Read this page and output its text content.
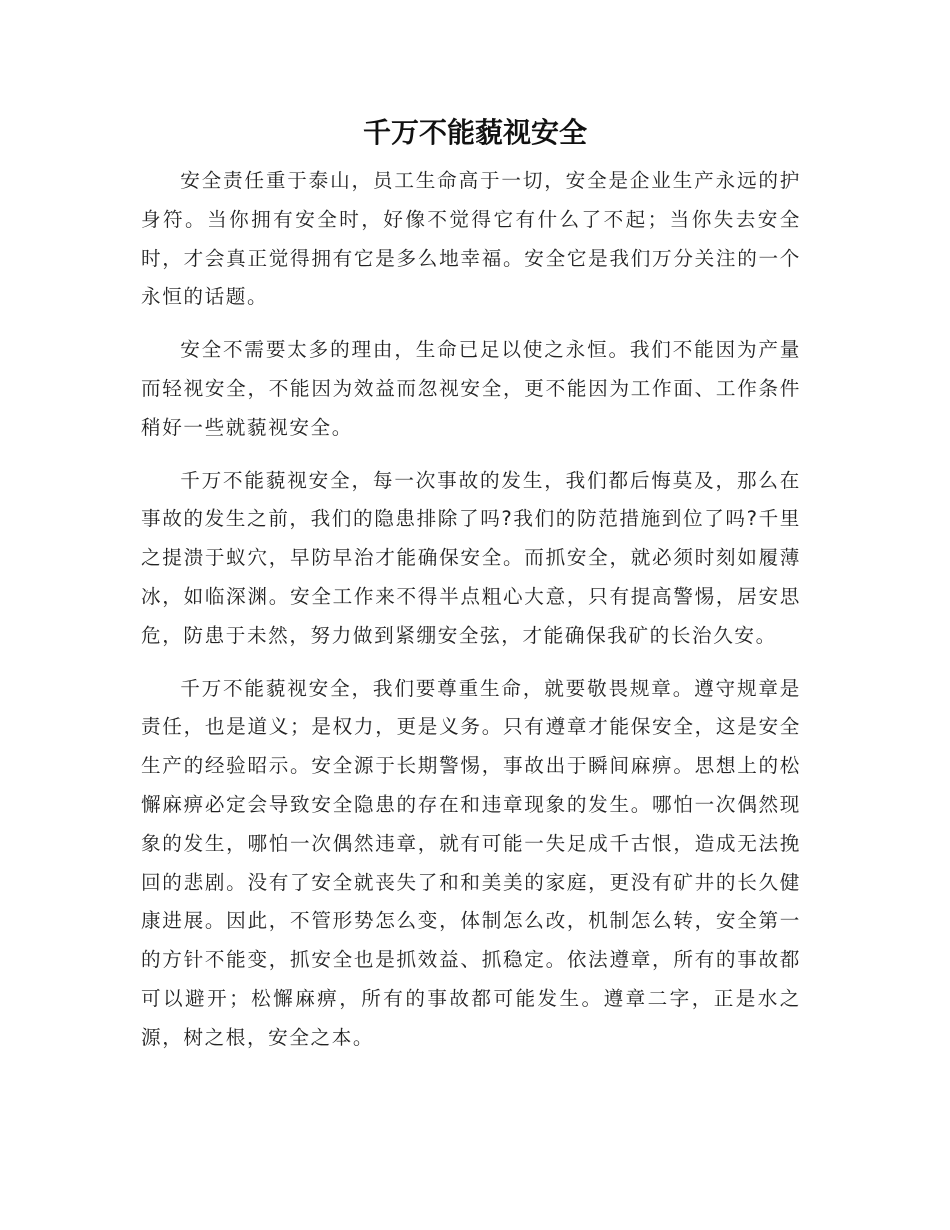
千万不能藐视安全

安全责任重于泰山，员工生命高于一切，安全是企业生产永远的护身符。当你拥有安全时，好像不觉得它有什么了不起；当你失去安全时，才会真正觉得拥有它是多么地幸福。安全它是我们万分关注的一个永恒的话题。

安全不需要太多的理由，生命已足以使之永恒。我们不能因为产量而轻视安全，不能因为效益而忽视安全，更不能因为工作面、工作条件稍好一些就藐视安全。

千万不能藐视安全，每一次事故的发生，我们都后悔莫及，那么在事故的发生之前，我们的隐患排除了吗?我们的防范措施到位了吗?千里之提溃于蚁穴，早防早治才能确保安全。而抓安全，就必须时刻如履薄冰，如临深渊。安全工作来不得半点粗心大意，只有提高警惕，居安思危，防患于未然，努力做到紧绷安全弦，才能确保我矿的长治久安。

千万不能藐视安全，我们要尊重生命，就要敬畏规章。遵守规章是责任，也是道义；是权力，更是义务。只有遵章才能保安全，这是安全生产的经验昭示。安全源于长期警惕，事故出于瞬间麻痹。思想上的松懈麻痹必定会导致安全隐患的存在和违章现象的发生。哪怕一次偶然现象的发生，哪怕一次偶然违章，就有可能一失足成千古恨，造成无法挽回的悲剧。没有了安全就丧失了和和美美的家庭，更没有矿井的长久健康进展。因此，不管形势怎么变，体制怎么改，机制怎么转，安全第一的方针不能变，抓安全也是抓效益、抓稳定。依法遵章，所有的事故都可以避开；松懈麻痹，所有的事故都可能发生。遵章二字，正是水之源，树之根，安全之本。
